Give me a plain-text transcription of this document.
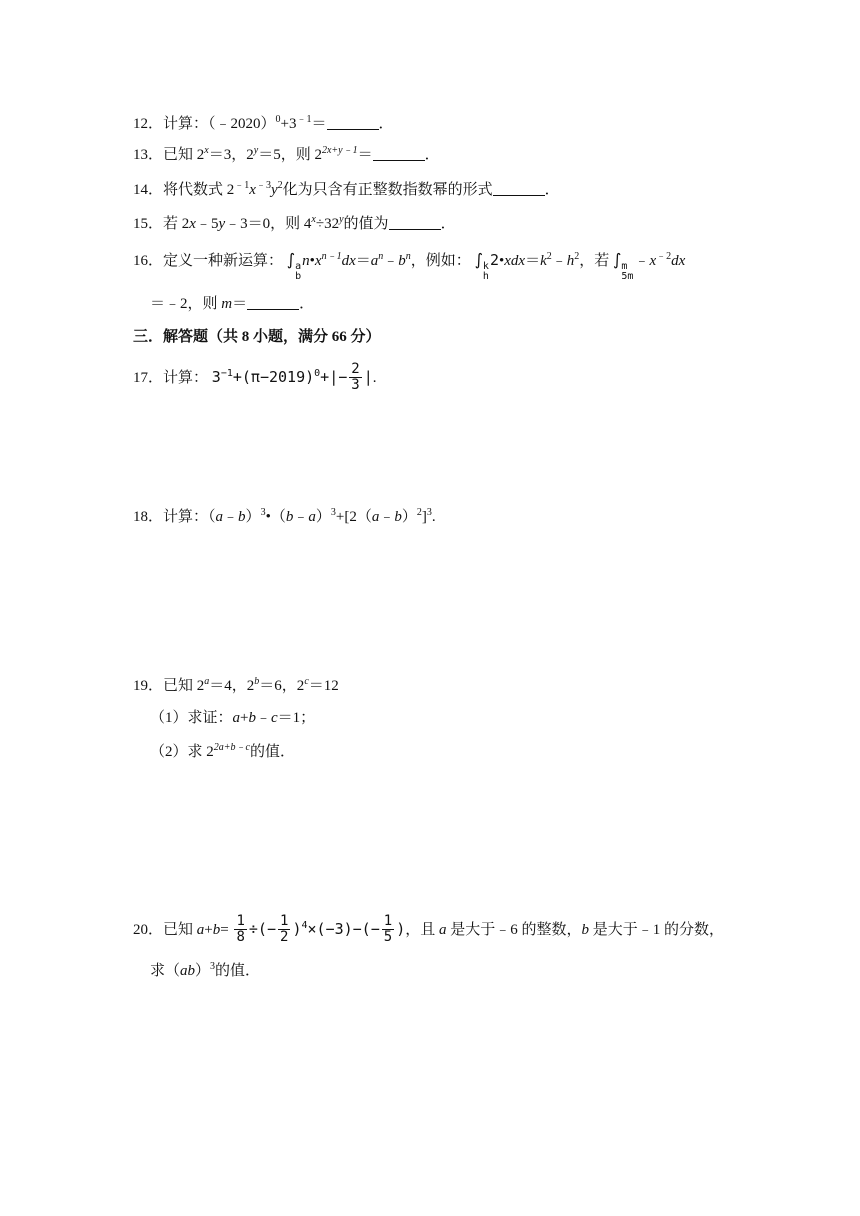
12．计算：$(﹣2020)^0+3^{﹣1}=$	．
13．已知 $2^x=3$，$2^y=5$，则 $2^{2x+y﹣1}=$	．
14．将代数式 $2^{﹣1}x^{﹣3}y^2$化为只含有正整数指数幂的形式	．
15．若 2x﹣5y﹣3＝0，则 $4^x\div 32^y$的值为	．
16．定义一种新运算： ∫ a
b
$n•x^{n﹣1}dx=a^n﹣b^n$，例如： ∫ k
h
$2•xdx=k^2﹣h^2$，若 ∫ m
5m
$﹣x^{﹣2}dx$
＝﹣2，则 m＝	．
三．解答题（共 8 小题，满分 66 分）
17．计算： $3^{-1}+(\pi-2019)^0+|- \frac{2}{3}$ |.
18．计算：（a﹣b）$^3$•（b﹣a）$^3$+[2（a﹣b）$^2$]$^3$.
19．已知 $2^a=4$，$2^b=6$，$2^c=12$
（1）求证：a+b﹣c＝1；
（2）求 $2^{2a+b﹣c}$的值．
20．已知 $a+b= \frac{1}{8}$ ÷(− $\frac{1}{2} )^4\times(-3)-(- \frac{1}{5}$ )，且 a 是大于﹣6 的整数，b 是大于﹣1 的分数，
求（ab）$^3$的值．
